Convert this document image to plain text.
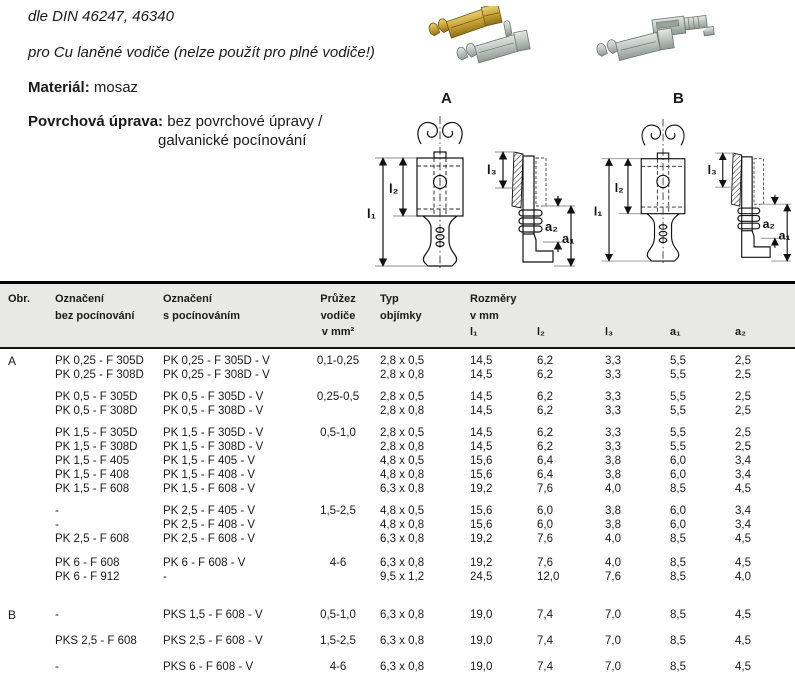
dle DIN 46247, 46340
pro Cu laněné vodiče (nelze použít pro plné vodiče!)
Materiál: mosaz
Povrchová úprava: bez povrchové úpravy /
galvanické pocínování
A	B
Obr.	Označení
bez pocínování
Označení
s pocínováním
Průžez
vodiče
v mm²
Typ
objímky
Rozměry
v mm
l₁	l₂	l₃	a₁	a₂
A	PK 0,25 - F 305D	PK 0,25 - F 305D - V	0,1-0,25	2,8 x 0,5	14,5	6,2	3,3	5,5	2,5
PK 0,25 - F 308D	PK 0,25 - F 308D - V	2,8 x 0,8	14,5	6,2	3,3	5,5	2,5
PK 0,5 - F 305D	PK 0,5 - F 305D - V	0,25-0,5	2,8 x 0,5	14,5	6,2	3,3	5,5	2,5
PK 0,5 - F 308D	PK 0,5 - F 308D - V	2,8 x 0,8	14,5	6,2	3,3	5,5	2,5
PK 1,5 - F 305D	PK 1,5 - F 305D - V	0,5-1,0	2,8 x 0,5	14,5	6,2	3,3	5,5	2,5
PK 1,5 - F 308D	PK 1,5 - F 308D - V	2,8 x 0,8	14,5	6,2	3,3	5,5	2,5
PK 1,5 - F 405	PK 1,5 - F 405 - V	4,8 x 0,5	15,6	6,4	3,8	6,0	3,4
PK 1,5 - F 408	PK 1,5 - F 408 - V	4,8 x 0,8	15,6	6,4	3,8	6,0	3,4
PK 1,5 - F 608	PK 1,5 - F 608 - V	6,3 x 0,8	19,2	7,6	4,0	8,5	4,5
-	PK 2,5 - F 405 - V	1,5-2,5	4,8 x 0,5	15,6	6,0	3,8	6,0	3,4
-	PK 2,5 - F 408 - V	4,8 x 0,8	15,6	6,0	3,8	6,0	3,4
PK 2,5 - F 608	PK 2,5 - F 608 - V	6,3 x 0,8	19,2	7,6	4,0	8,5	4,5
PK 6 - F 608	PK 6 - F 608 - V	4-6	6,3 x 0,8	19,2	7,6	4,0	8,5	4,5
PK 6 - F 912	-	9,5 x 1,2	24,5	12,0	7,6	8,5	4,0
B	-	PKS 1,5 - F 608 - V	0,5-1,0	6,3 x 0,8	19,0	7,4	7,0	8,5	4,5
PKS 2,5 - F 608	PKS 2,5 - F 608 - V	1,5-2,5	6,3 x 0,8	19,0	7,4	7,0	8,5	4,5
-	PKS 6 - F 608 - V	4-6	6,3 x 0,8	19,0	7,4	7,0	8,5	4,5
